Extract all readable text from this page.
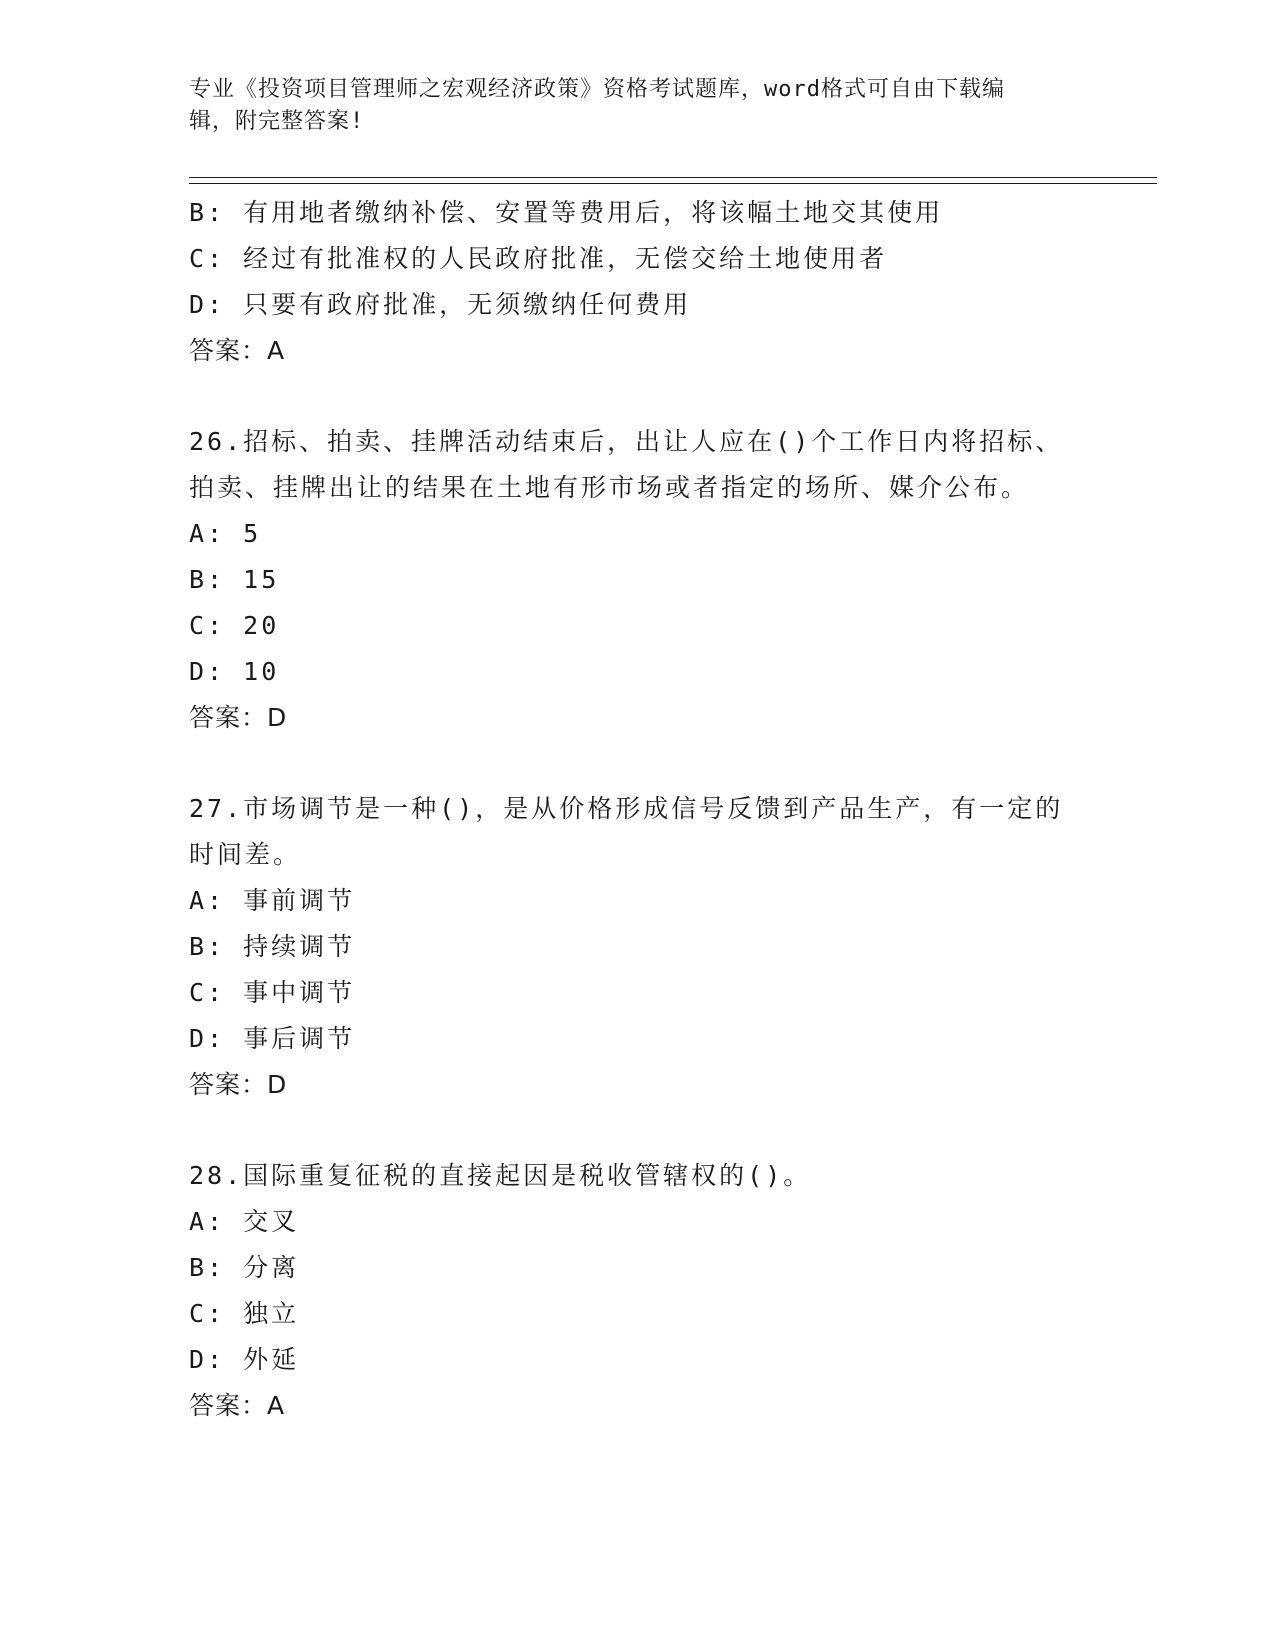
专业《投资项目管理师之宏观经济政策》资格考试题库，word格式可自由下载编
辑，附完整答案!
B: 有用地者缴纳补偿、安置等费用后，将该幅土地交其使用
C: 经过有批准权的人民政府批准，无偿交给土地使用者
D: 只要有政府批准，无须缴纳任何费用
答案：A
26.招标、拍卖、挂牌活动结束后，出让人应在()个工作日内将招标、
拍卖、挂牌出让的结果在土地有形市场或者指定的场所、媒介公布。
A: 5
B: 15
C: 20
D: 10
答案：D
27.市场调节是一种()，是从价格形成信号反馈到产品生产，有一定的
时间差。
A: 事前调节
B: 持续调节
C: 事中调节
D: 事后调节
答案：D
28.国际重复征税的直接起因是税收管辖权的()。
A: 交叉
B: 分离
C: 独立
D: 外延
答案：A
